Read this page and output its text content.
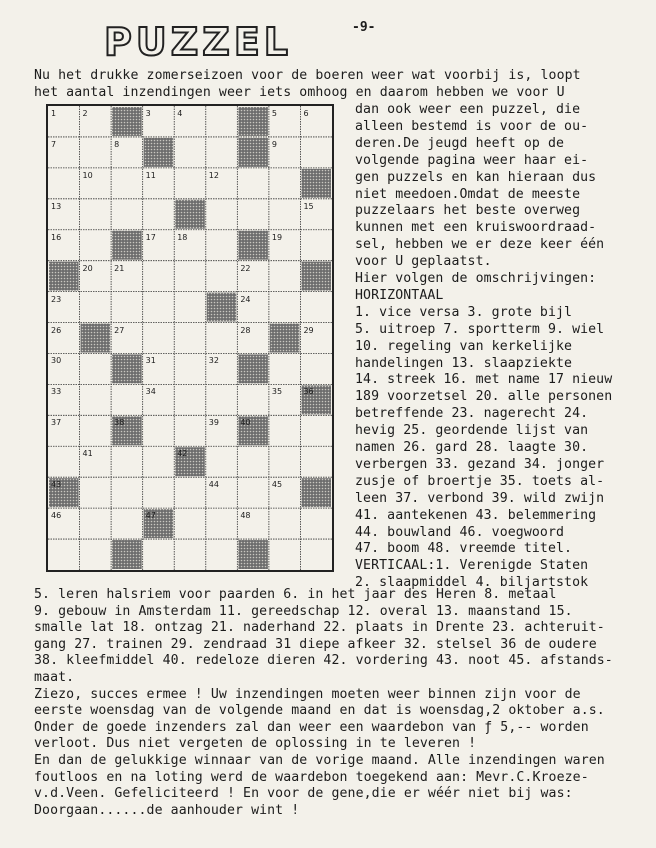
PUZZEL	-9-
Nu het drukke zomerseizoen voor de boeren weer wat voorbij is, loopt
het aantal inzendingen weer iets omhoog en daarom hebben we voor U
1	2	3	4	5	6
7	8	9
10	11	12
13	15
16	17	18	19
20	21	22
23	24
26	27	28	29
30	31	32
33	34	35	36
37	38	39	40
41	42
43	44	45
46	47	48
dan ook weer een puzzel, die
alleen bestemd is voor de ou-
deren.De jeugd heeft op de
volgende pagina weer haar ei-
gen puzzels en kan hieraan dus
niet meedoen.Omdat de meeste
puzzelaars het beste overweg
kunnen met een kruiswoordraad-
sel, hebben we er deze keer één
voor U geplaatst.
Hier volgen de omschrijvingen:
HORIZONTAAL
1. vice versa 3. grote bijl
5. uitroep 7. sportterm 9. wiel
10. regeling van kerkelijke
handelingen 13. slaapziekte
14. streek 16. met name 17 nieuw
189 voorzetsel 20. alle personen
betreffende 23. nagerecht 24.
hevig 25. geordende lijst van
namen 26. gard 28. laagte 30.
verbergen 33. gezand 34. jonger
zusje of broertje 35. toets al-
leen 37. verbond 39. wild zwijn
41. aantekenen 43. belemmering
44. bouwland 46. voegwoord
47. boom 48. vreemde titel.
VERTICAAL:1. Verenigde Staten
2. slaapmiddel 4. biljartstok
5. leren halsriem voor paarden 6. in het jaar des Heren 8. metaal
9. gebouw in Amsterdam 11. gereedschap 12. overal 13. maanstand 15.
smalle lat 18. ontzag 21. naderhand 22. plaats in Drente 23. achteruit-
gang 27. trainen 29. zendraad 31 diepe afkeer 32. stelsel 36 de oudere
38. kleefmiddel 40. redeloze dieren 42. vordering 43. noot 45. afstands-
maat.
Ziezo, succes ermee ! Uw inzendingen moeten weer binnen zijn voor de
eerste woensdag van de volgende maand en dat is woensdag,2 oktober a.s.
Onder de goede inzenders zal dan weer een waardebon van ƒ 5,-- worden
verloot. Dus niet vergeten de oplossing in te leveren !
En dan de gelukkige winnaar van de vorige maand. Alle inzendingen waren
foutloos en na loting werd de waardebon toegekend aan: Mevr.C.Kroeze-
v.d.Veen. Gefeliciteerd ! En voor de gene,die er wéér niet bij was:
Doorgaan......de aanhouder wint !
